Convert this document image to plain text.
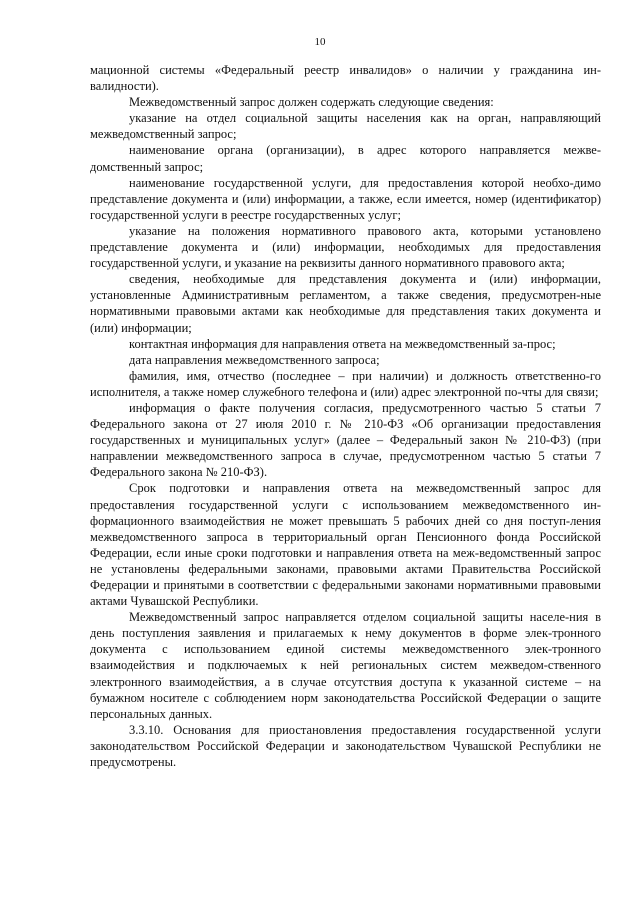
10

мационной системы «Федеральный реестр инвалидов» о наличии у гражданина ин-валидности).

Межведомственный запрос должен содержать следующие сведения:

указание на отдел социальной защиты населения как на орган, направляющий межведомственный запрос;

наименование органа (организации), в адрес которого направляется межве-домственный запрос;

наименование государственной услуги, для предоставления которой необхо-димо представление документа и (или) информации, а также, если имеется, номер (идентификатор) государственной услуги в реестре государственных услуг;

указание на положения нормативного правового акта, которыми установлено представление документа и (или) информации, необходимых для предоставления государственной услуги, и указание на реквизиты данного нормативного правового акта;

сведения, необходимые для представления документа и (или) информации, установленные Административным регламентом, а также сведения, предусмотрен-ные нормативными правовыми актами как необходимые для представления таких документа и (или) информации;

контактная информация для направления ответа на межведомственный за-прос;

дата направления межведомственного запроса;

фамилия, имя, отчество (последнее – при наличии) и должность ответственно-го исполнителя, а также номер служебного телефона и (или) адрес электронной по-чты для связи;

информация о факте получения согласия, предусмотренного частью 5 статьи 7 Федерального закона от 27 июля 2010 г. № 210-ФЗ «Об организации предоставления государственных и муниципальных услуг» (далее – Федеральный закон № 210-ФЗ) (при направлении межведомственного запроса в случае, предусмотренном частью 5 статьи 7 Федерального закона № 210-ФЗ).

Срок подготовки и направления ответа на межведомственный запрос для предоставления государственной услуги с использованием межведомственного ин-формационного взаимодействия не может превышать 5 рабочих дней со дня поступ-ления межведомственного запроса в территориальный орган Пенсионного фонда Российской Федерации, если иные сроки подготовки и направления ответа на меж-ведомственный запрос не установлены федеральными законами, правовыми актами Правительства Российской Федерации и принятыми в соответствии с федеральными законами нормативными правовыми актами Чувашской Республики.

Межведомственный запрос направляется отделом социальной защиты населе-ния в день поступления заявления и прилагаемых к нему документов в форме элек-тронного документа с использованием единой системы межведомственного элек-тронного взаимодействия и подключаемых к ней региональных систем межведом-ственного электронного взаимодействия, а в случае отсутствия доступа к указанной системе – на бумажном носителе с соблюдением норм законодательства Российской Федерации о защите персональных данных.

3.3.10. Основания для приостановления предоставления государственной услуги законодательством Российской Федерации и законодательством Чувашской Республики не предусмотрены.
